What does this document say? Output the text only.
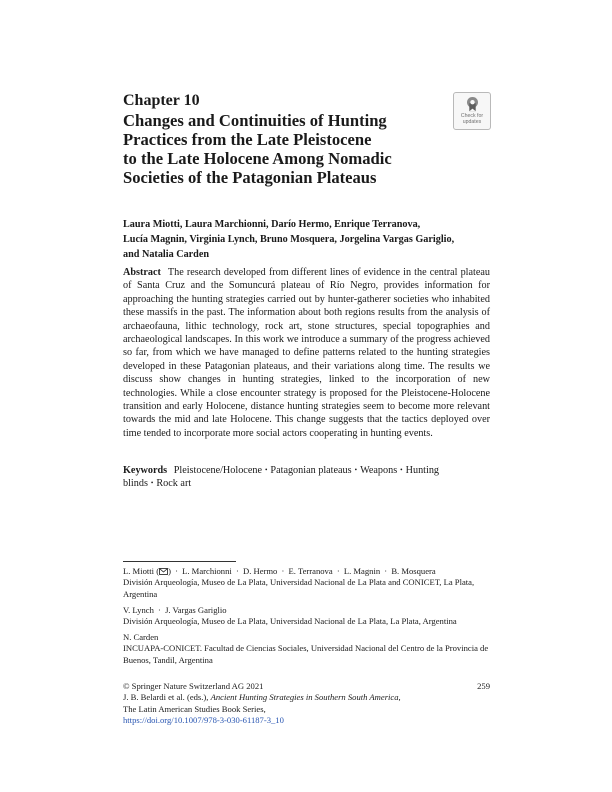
Chapter 10
Changes and Continuities of Hunting
Practices from the Late Pleistocene
to the Late Holocene Among Nomadic
Societies of the Patagonian Plateaus
Check for
updates
Laura Miotti, Laura Marchionni, Darío Hermo, Enrique Terranova,
Lucía Magnin, Virginia Lynch, Bruno Mosquera, Jorgelina Vargas Gariglio,
and Natalia Carden
Abstract The research developed from different lines of evidence in the central plateau of Santa Cruz and the Somuncurá plateau of Río Negro, provides information for approaching the hunting strategies carried out by hunter-gatherer societies who inhabited these massifs in the past. The information about both regions results from the analysis of archaeofauna, lithic technology, rock art, stone structures, special topographies and archaeological landscapes. In this work we introduce a summary of the progress achieved so far, from which we have managed to define patterns related to the hunting strategies developed in these Patagonian plateaus, and their variations along time. The results we discuss show changes in hunting strategies, linked to the incorporation of new technologies. While a close encounter strategy is proposed for the Pleistocene-Holocene transition and early Holocene, distance hunting strategies seem to become more relevant towards the mid and late Holocene. This change suggests that the tactics deployed over time tended to incorporate more social actors cooperating in hunting events.
Keywords Pleistocene/Holocene • Patagonian plateaus • Weapons • Hunting blinds • Rock art
L. Miotti ( ) · L. Marchionni · D. Hermo · E. Terranova · L. Magnin · B. Mosquera
División Arqueología, Museo de La Plata, Universidad Nacional de La Plata and CONICET, La Plata, Argentina
V. Lynch · J. Vargas Gariglio
División Arqueología, Museo de La Plata, Universidad Nacional de La Plata, La Plata, Argentina
N. Carden
INCUAPA-CONICET. Facultad de Ciencias Sociales, Universidad Nacional del Centro de la Provincia de Buenos, Tandil, Argentina
© Springer Nature Switzerland AG 2021
J. B. Belardi et al. (eds.), Ancient Hunting Strategies in Southern South America,
The Latin American Studies Book Series,
https://doi.org/10.1007/978-3-030-61187-3_10
259
